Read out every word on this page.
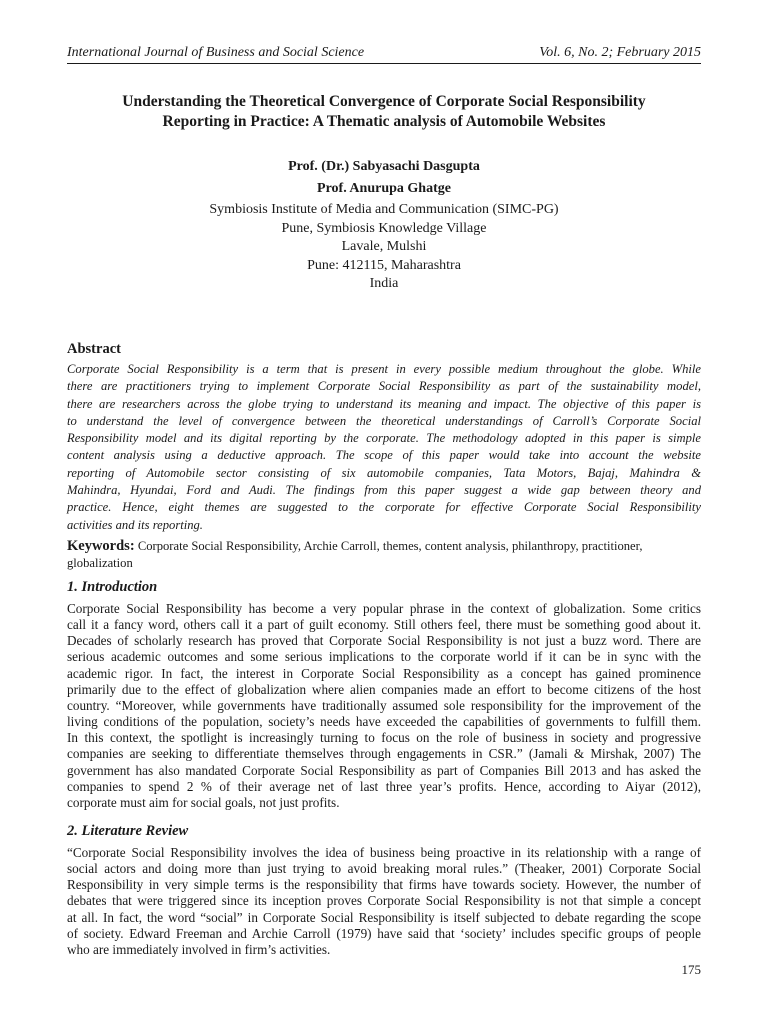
International Journal of Business and Social Science	Vol. 6, No. 2; February 2015
Understanding the Theoretical Convergence of Corporate Social Responsibility
Reporting in Practice: A Thematic analysis of Automobile Websites
Prof. (Dr.) Sabyasachi Dasgupta
Prof. Anurupa Ghatge
Symbiosis Institute of Media and Communication (SIMC-PG)
Pune, Symbiosis Knowledge Village
Lavale, Mulshi
Pune: 412115, Maharashtra
India
Abstract
Corporate Social Responsibility is a term that is present in every possible medium throughout the globe. While
there are practitioners trying to implement Corporate Social Responsibility as part of the sustainability model,
there are researchers across the globe trying to understand its meaning and impact. The objective of this paper is
to understand the level of convergence between the theoretical understandings of Carroll’s Corporate Social
Responsibility model and its digital reporting by the corporate. The methodology adopted in this paper is simple
content analysis using a deductive approach. The scope of this paper would take into account the website
reporting of Automobile sector consisting of six automobile companies, Tata Motors, Bajaj, Mahindra &
Mahindra, Hyundai, Ford and Audi. The findings from this paper suggest a wide gap between theory and
practice. Hence, eight themes are suggested to the corporate for effective Corporate Social Responsibility
activities and its reporting.
Keywords: Corporate Social Responsibility, Archie Carroll, themes, content analysis, philanthropy, practitioner,
globalization
1. Introduction
Corporate Social Responsibility has become a very popular phrase in the context of globalization. Some critics
call it a fancy word, others call it a part of guilt economy. Still others feel, there must be something good about it.
Decades of scholarly research has proved that Corporate Social Responsibility is not just a buzz word. There are
serious academic outcomes and some serious implications to the corporate world if it can be in sync with the
academic rigor. In fact, the interest in Corporate Social Responsibility as a concept has gained prominence
primarily due to the effect of globalization where alien companies made an effort to become citizens of the host
country. “Moreover, while governments have traditionally assumed sole responsibility for the improvement of the
living conditions of the population, society’s needs have exceeded the capabilities of governments to fulfill them.
In this context, the spotlight is increasingly turning to focus on the role of business in society and progressive
companies are seeking to differentiate themselves through engagements in CSR.” (Jamali & Mirshak, 2007) The
government has also mandated Corporate Social Responsibility as part of Companies Bill 2013 and has asked the
companies to spend 2 % of their average net of last three year’s profits. Hence, according to Aiyar (2012),
corporate must aim for social goals, not just profits.
2. Literature Review
“Corporate Social Responsibility involves the idea of business being proactive in its relationship with a range of
social actors and doing more than just trying to avoid breaking moral rules.” (Theaker, 2001) Corporate Social
Responsibility in very simple terms is the responsibility that firms have towards society. However, the number of
debates that were triggered since its inception proves Corporate Social Responsibility is not that simple a concept
at all. In fact, the word “social” in Corporate Social Responsibility is itself subjected to debate regarding the scope
of society. Edward Freeman and Archie Carroll (1979) have said that ‘society’ includes specific groups of people
who are immediately involved in firm’s activities.
175
